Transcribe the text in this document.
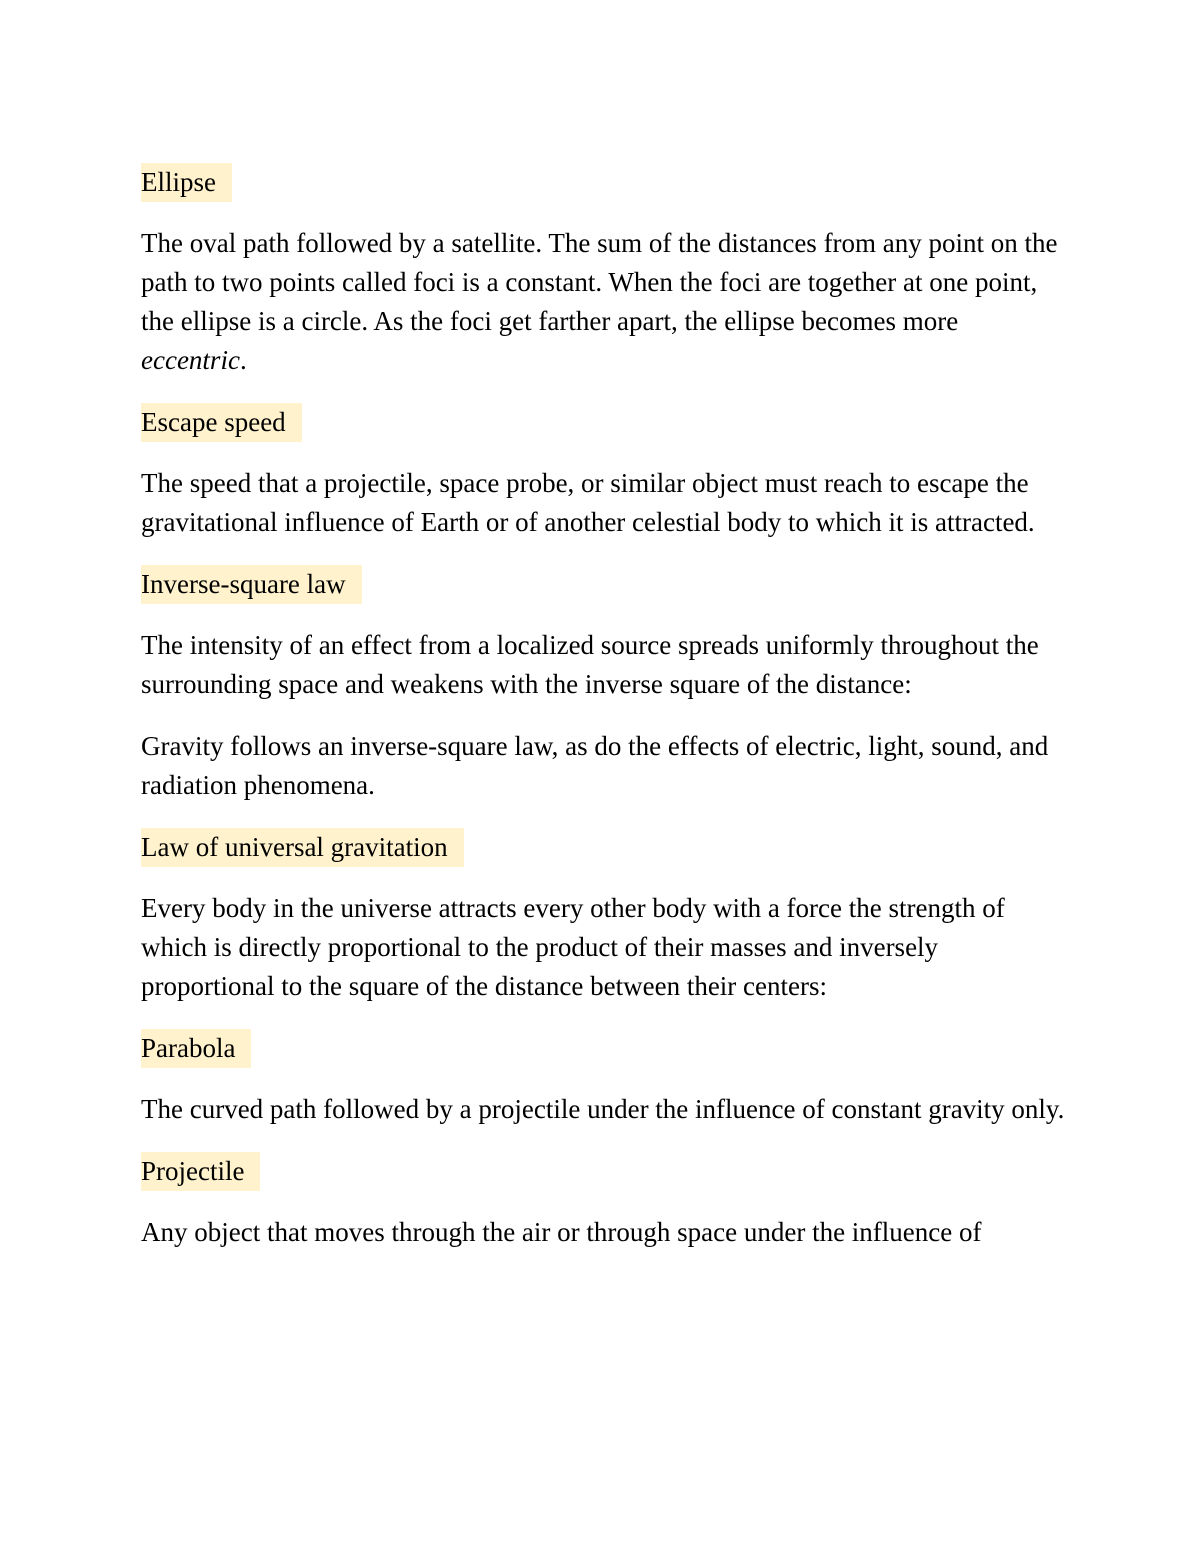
Ellipse

The oval path followed by a satellite. The sum of the distances from any point on the path to two points called foci is a constant. When the foci are together at one point, the ellipse is a circle. As the foci get farther apart, the ellipse becomes more eccentric.

Escape speed

The speed that a projectile, space probe, or similar object must reach to escape the gravitational influence of Earth or of another celestial body to which it is attracted.

Inverse-square law

The intensity of an effect from a localized source spreads uniformly throughout the surrounding space and weakens with the inverse square of the distance:

Gravity follows an inverse-square law, as do the effects of electric, light, sound, and radiation phenomena.

Law of universal gravitation

Every body in the universe attracts every other body with a force the strength of which is directly proportional to the product of their masses and inversely proportional to the square of the distance between their centers:

Parabola

The curved path followed by a projectile under the influence of constant gravity only.

Projectile

Any object that moves through the air or through space under the influence of
